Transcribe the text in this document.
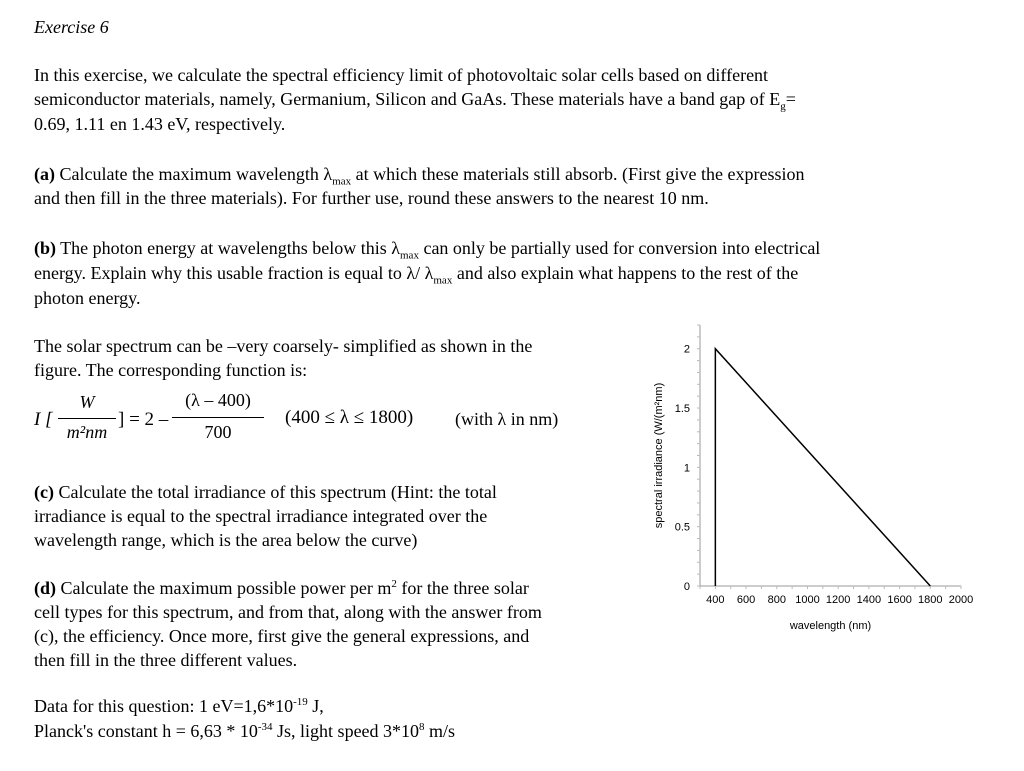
Exercise 6
In this exercise, we calculate the spectral efficiency limit of photovoltaic solar cells based on different
semiconductor materials, namely, Germanium, Silicon and GaAs. These materials have a band gap of $E_g=$
0.69, 1.11 en 1.43 eV, respectively.
(a) Calculate the maximum wavelength $\lambda_{max}$ at which these materials still absorb. (First give the expression
and then fill in the three materials). For further use, round these answers to the nearest 10 nm.
(b) The photon energy at wavelengths below this $\lambda_{max}$ can only be partially used for conversion into electrical
energy. Explain why this usable fraction is equal to λ/ $\lambda_{max}$ and also explain what happens to the rest of the
photon energy.
The solar spectrum can be –very coarsely- simplified as shown in the
figure. The corresponding function is:
I [
W
m²nm
] = 2 –
(λ – 400)
700
(400 ≤ λ ≤ 1800) (with λ in nm)
(c) Calculate the total irradiance of this spectrum (Hint: the total
irradiance is equal to the spectral irradiance integrated over the
wavelength range, which is the area below the curve)
(d) Calculate the maximum possible power per $m^2$ for the three solar
cell types for this spectrum, and from that, along with the answer from
(c), the efficiency. Once more, first give the general expressions, and
then fill in the three different values.
Data for this question: 1 $eV=1,6*10^{-19}$ J,
Planck's constant $h = 6,63 * 10^{-34}$ Js, light speed $3*10^8$ m/s
0
0.5
1
1.5
2
400 600 800 1000 1200 1400 1600 1800 2000
wavelength (nm)
spectral irradiance (W/(m²nm)
